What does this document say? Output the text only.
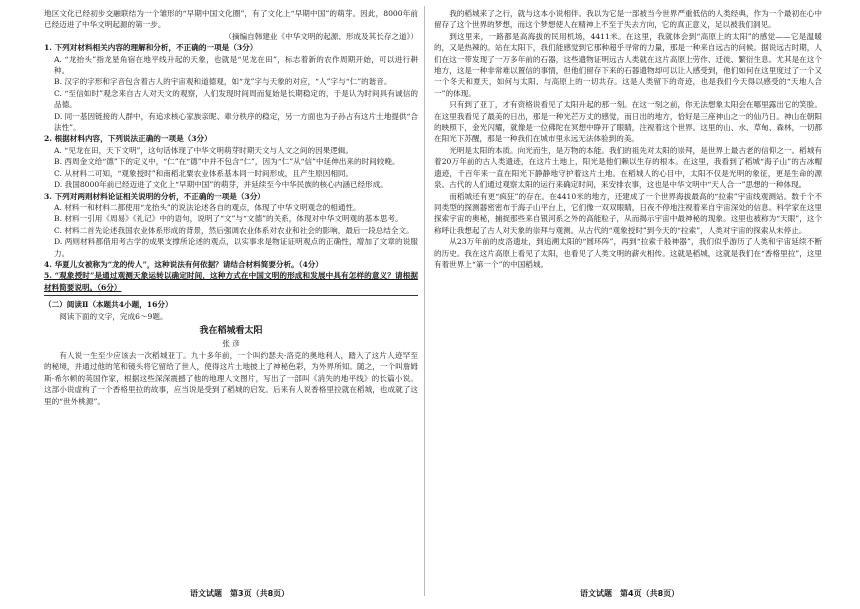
地区文化已经初步交融联结为一个雏形的“早期中国文化圈”，有了文化上“早期中国”的萌芽。因此，8000年前已经迈进了中华文明起源的第一步。

（摘编自韩建业《中华文明的起源、形成及其长存之道》）

1. 下列对材料相关内容的理解和分析，不正确的一项是（3分）

A. “龙抬头”指龙星角宿在地平线升起的天象，也就是“见龙在田”，标志着新的农作周期开始，可以进行耕种。

B. 汉字的字形和字音包含着古人的宇宙观和道德观，如“龙”字与天象的对应，“人”字与“仁”的谐音。

C. “至信如时”观念来自古人对天文的观察，人们发现时间周而复始是长期稳定的，于是认为时间具有诚信的品德。

D. 同一基因链接的人群中，有追求核心家族亲昵、辈分秩序的稳定，另一方面也为子孙占有这片土地提供“合法性”。

2. 根据材料内容，下列说法正确的一项是（3分）

A. “见龙在田，天下文明”，这句话体现了中华文明萌芽时期天文与人文之间的因果逻辑。

B. 西周金文给“德”下的定义中，“仁”在“德”中并不包含“仁”，因为“仁”从“信”中延伸出来的时间较晚。

C. 从材料二可知，“观象授时”和南稻北粟农业体系基本同一时间形成，且产生原因相同。

D. 我国8000年前已经迈进了文化上“早期中国”的萌芽，并延续至今中华民族的核心内涵已经形成。

3. 下列对两则材料论证相关说明的分析，不正确的一项是（3分）

A. 材料一和材料二都使用“龙抬头”的说法论述各自的观点，体现了中华文明观念的相通性。

B. 材料一引用《周易》《礼记》中的语句，说明了“文”与“文德”的关系，体现对中华文明观的基本思考。

C. 材料二首先论述我国农业体系形成的背景，然后强调农业体系对农业和社会的影响，最后一段总结全文。

D. 两则材料都借用考古学的成果支撑所论述的观点，以实事求是物证证明观点的正确性，增加了文章的说服力。

4. 华夏儿女被称为“龙的传人”，这种说法有何依据？请结合材料简要分析。（4分）

5. “观象授时”是通过观测天象运转以确定时间，这种方式在中国文明的形成和发展中具有怎样的意义？请根据材料简要说明。（6分）

（二）阅读Ⅱ（本题共4小题，16分）

阅读下面的文字，完成6～9题。

我在稻城看太阳

张 彦

有人说一生至少应该去一次稻城亚丁。九十多年前，一个叫约瑟夫·洛克的奥地利人，踏入了这片人迹罕至的秘境，并通过他的笔和镜头将它留给了世人，使得这片土地披上了神秘色彩，为外界所知。随之，一个叫詹姆斯·希尔顿的英国作家，根据这些深深震撼了他的地理人文图片，写出了一部叫《消失的地平线》的长篇小说。这部小说虚构了一个香格里拉的故事，应当说是受到了稻城的启发。后来有人说香格里拉就在稻城，也成就了这里的“世外桃源”。

我的稻城来了之行，就与这本小说相伴。我以为它是一部被当今世界严重低估的人类经典，作为一个最初在心中留存了这个世界的梦想，而这个梦想使人在精神上不至于失去方向，它的真正意义，足以被我们洞见。

到这里来，一路都是高海拔的民用机场，4411米。在这里，我就体会到“高原上的太阳”的感觉——它是温暖的，又是热辣的。站在太阳下，我们能感觉到它那种超乎寻常的力量，那是一种来自远古的问候。据说远古时期，人们在这一带发现了一万多年前的石器，这些遗物证明远古人类就在这片高原上劳作、迁徙、繁衍生息。尤其是在这个地方，这是一种非常难以置信的事情，但他们留存下来的石器遗物却可以让人感受到，他们如何在这里度过了一个又一个冬天和夏天，如何与太阳、与高原上的一切共存。这是人类留下的奇迹，也是我们今天得以感受的“天地人合一”的体现。

只有到了亚丁，才有资格说看见了太阳升起的那一刻。在这一刻之前，你无法想象太阳会在哪里露出它的笑脸。在这里我看见了最美的日出，那是一种光芒万丈的感觉，而日出的地方，恰好是三座神山之一的仙乃日。神山在朝阳的映照下，金光闪耀，就像是一位佛陀在冥想中睁开了眼睛，注视着这个世界。这里的山、水、草甸、森林，一切都在阳光下苏醒，那是一种我们在城市里永远无法体验到的美。

光明是太阳的本质。向光而生，是万物的本能。我们的祖先对太阳的崇拜，是世界上最古老的信仰之一。稻城有着20万年前的古人类遗迹，在这片土地上，阳光是他们赖以生存的根本。在这里，我看到了稻城“海子山”的古冰帽遗迹，千百年来一直在阳光下静静地守护着这片土地。在稻城人的心目中，太阳不仅是光明的象征，更是生命的源泉。古代的人们通过观察太阳的运行来确定时间，来安排农事，这也是中华文明中“天人合一”思想的一种体现。

而稻城还有更“疯狂”的存在。在4410米的地方，还建成了一个世界海拔最高的“拉索”宇宙线观测站。数千个不同类型的探测器密密布于海子山平台上，它们像一双双眼睛，日夜不停地注视着来自宇宙深处的信息。科学家在这里探索宇宙的奥秘，捕捉那些来自银河系之外的高能粒子，从而揭示宇宙中最神秘的现象。这里也被称为“天眼”，这个称呼让我想起了古人对天象的崇拜与观测。从古代的“观象授时”到今天的“拉索”，人类对宇宙的探索从未停止。

从23万年前的皮洛遗址，到追溯太阳的“圆环阵”，再到“拉索千般神器”，我们似乎游历了人类和宇宙延续不断的历史。我在这片高原上看见了太阳，也看见了人类文明的薪火相传。这就是稻城，这就是我们在“香格里拉”，这里有着世界上“第一个”的中国稻城。

语文试题　第3页（共8页）	语文试题　第4页（共8页）
